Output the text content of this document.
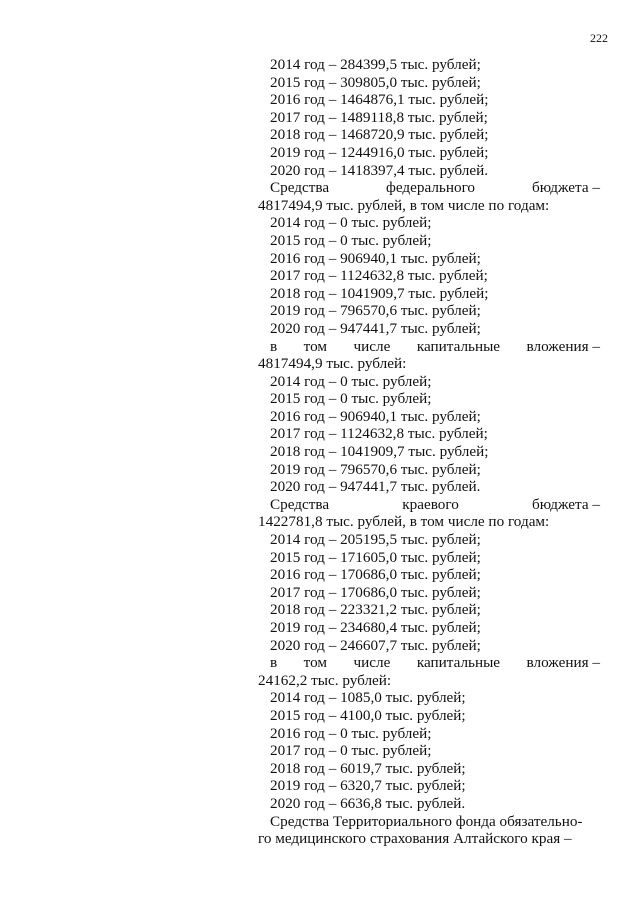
222
2014 год – 284399,5 тыс. рублей;
2015 год – 309805,0 тыс. рублей;
2016 год – 1464876,1 тыс. рублей;
2017 год – 1489118,8 тыс. рублей;
2018 год – 1468720,9 тыс. рублей;
2019 год – 1244916,0 тыс. рублей;
2020 год – 1418397,4 тыс. рублей.
Средства	федерального	бюджета –
4817494,9 тыс. рублей, в том числе по годам:
2014 год – 0 тыс. рублей;
2015 год – 0 тыс. рублей;
2016 год – 906940,1 тыс. рублей;
2017 год – 1124632,8 тыс. рублей;
2018 год – 1041909,7 тыс. рублей;
2019 год – 796570,6 тыс. рублей;
2020 год – 947441,7 тыс. рублей;
в том числе капитальные вложения –
4817494,9 тыс. рублей:
2014 год – 0 тыс. рублей;
2015 год – 0 тыс. рублей;
2016 год – 906940,1 тыс. рублей;
2017 год – 1124632,8 тыс. рублей;
2018 год – 1041909,7 тыс. рублей;
2019 год – 796570,6 тыс. рублей;
2020 год – 947441,7 тыс. рублей.
Средства	краевого	бюджета –
1422781,8 тыс. рублей, в том числе по годам:
2014 год – 205195,5 тыс. рублей;
2015 год – 171605,0 тыс. рублей;
2016 год – 170686,0 тыс. рублей;
2017 год – 170686,0 тыс. рублей;
2018 год – 223321,2 тыс. рублей;
2019 год – 234680,4 тыс. рублей;
2020 год – 246607,7 тыс. рублей;
в том числе капитальные вложения –
24162,2 тыс. рублей:
2014 год – 1085,0 тыс. рублей;
2015 год – 4100,0 тыс. рублей;
2016 год – 0 тыс. рублей;
2017 год – 0 тыс. рублей;
2018 год – 6019,7 тыс. рублей;
2019 год – 6320,7 тыс. рублей;
2020 год – 6636,8 тыс. рублей.
Средства Территориального фонда обязательно-
го медицинского страхования Алтайского края –
